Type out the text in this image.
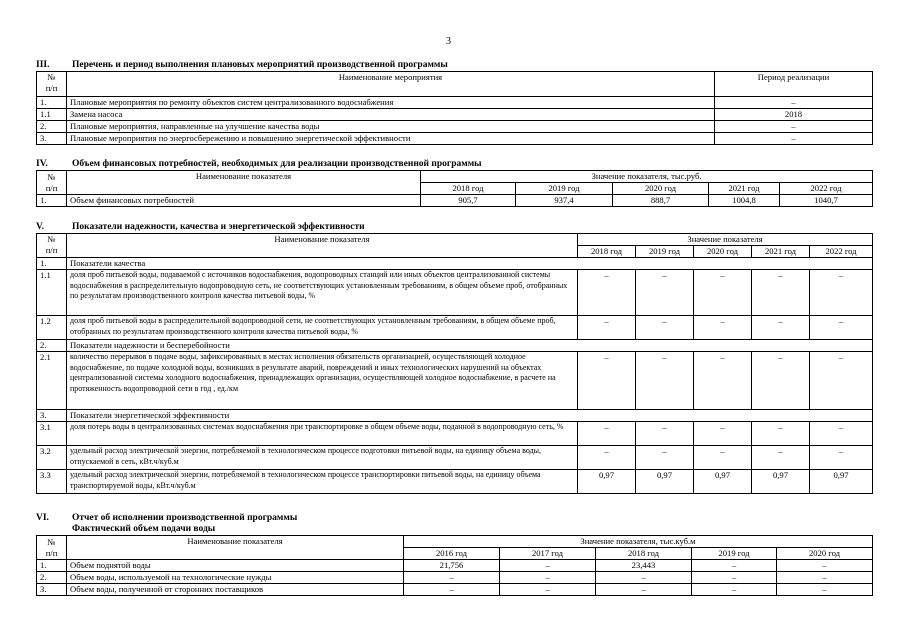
3
III. Перечень и период выполнения плановых мероприятий производственной программы
№
п/п	Наименование мероприятия	Период реализации
1.	Плановые мероприятия по ремонту объектов систем централизованного водоснабжения	–
1.1	Замена насоса	2018
2.	Плановые мероприятия, направленные на улучшение качества воды	–
3.	Плановые мероприятия по энергосбережению и повышению энергетической эффективности	–
IV.	Объем финансовых потребностей, необходимых для реализации производственной программы
№
п/п	Наименование показателя	Значение показателя, тыс.руб.				
		2018 год	2019 год	2020 год	2021 год	2022 год
1.	Объем финансовых потребностей	905,7	937,4	888,7	1004,8	1040,7
V.	Показатели надежности, качества и энергетической эффективности
№
п/п	Наименование показателя	Значение показателя				
		2018 год	2019 год	2020 год	2021 год	2022 год
1.	Показатели качества					
1.1	доля проб питьевой воды, подаваемой с источников водоснабжения, водопроводных станций или иных объектов централизованной системы водоснабжения в распределительную водопроводную сеть, не соответствующих установленным требованиям, в общем объеме проб, отобранных по результатам производственного контроля качества питьевой воды, %	–	–	–	–	–
1.2	доля проб питьевой воды в распределительной водопроводной сети, не соответствующих установленным требованиям, в общем объеме проб, отобранных по результатам производственного контроля качества питьевой воды, %	–	–	–	–	–
2.	Показатели надежности и бесперебойности					
2.1	количество перерывов в подаче воды, зафиксированных в местах исполнения обязательств организацией, осуществляющей холодное водоснабжение, по подаче холодной воды, возникших в результате аварий, повреждений и иных технологических нарушений на объектах централизованной системы холодного водоснабжения, принадлежащих организации, осуществляющей холодное водоснабжение, в расчете на протяженность водопроводной сети в год , ед./км	–	–	–	–	–
3.	Показатели энергетической эффективности					
3.1	доля потерь воды в централизованных системах водоснабжения при транспортировке в общем объеме воды, поданной в водопроводную сеть, %	–	–	–	–	–
3.2	удельный расход электрической энергии, потребляемой в технологическом процессе подготовки питьевой воды, на единицу объема воды, отпускаемой в сеть, кВт.ч/куб.м	–	–	–	–	–
3.3	удельный расход электрической энергии, потребляемой в технологическом процессе транспортировки питьевой воды, на единицу объема транспортируемой воды, кВт.ч/куб.м	0,97	0,97	0,97	0,97	0,97
VI. Отчет об исполнении производственной программы
Фактический объем подачи воды
№
п/п	Наименование показателя	Значение показателя, тыс.куб.м				
		2016 год	2017 год	2018 год	2019 год	2020 год
1.	Объем поднятой воды	21,756	–	23,443	–	–
2.	Объем воды, используемой на технологические нужды	–	–	–	–	–
3.	Объем воды, полученной от сторонних поставщиков	–	–	–	–	–
